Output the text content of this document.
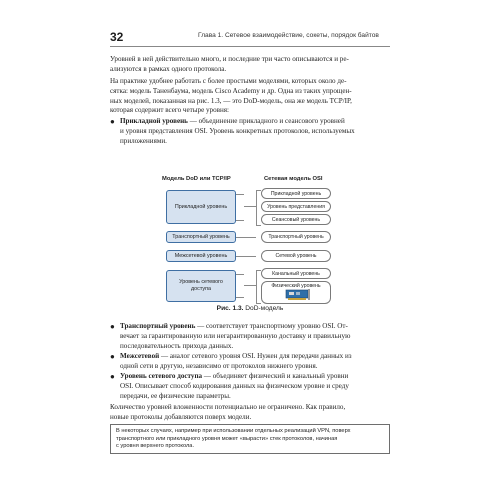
32	Глава 1. Сетевое взаимодействие, сокеты, порядок байтов

Уровней в ней действительно много, и последние три часто описываются и ре-
ализуются в рамках одного протокола.

На практике удобнее работать с более простыми моделями, которых около де-
сятка: модель Таненбаума, модель Cisco Academy и др. Одна из таких упрощен-
ных моделей, показанная на рис. 1.3, — это DoD-модель, она же модель TCP/IP,
которая содержит всего четыре уровня:

● Прикладной уровень — объединение прикладного и сеансового уровней
и уровня представления OSI. Уровень конкретных протоколов, используемых
приложениями.

Модель DoD или TCP/IP	Сетевая модель OSI
Прикладной уровень
Транспортный уровень
Межсетевой уровень
Уровень сетевого доступа
Прикладной уровень
Уровень представления
Сеансовый уровень
Транспортный уровень
Сетевой уровень
Канальный уровень
Физический уровень
Рис. 1.3. DoD-модель
● Транспортный уровень — соответствует транспортному уровню OSI. От-
вечает за гарантированную или негарантированную доставку и правильную
последовательность прихода данных.

● Межсетевой — аналог сетевого уровня OSI. Нужен для передачи данных из
одной сети в другую, независимо от протоколов нижнего уровня.

● Уровень сетевого доступа — объединяет физический и канальный уровни
OSI. Описывает способ кодирования данных на физическом уровне и среду
передачи, ее физические параметры.

Количество уровней вложенности потенциально не ограничено. Как правило,
новые протоколы добавляются поверх модели.

В некоторых случаях, например при использовании отдельных реализаций VPN, поверх
транспортного или прикладного уровня может «вырасти» стек протоколов, начиная
с уровня верхнего протокола.
